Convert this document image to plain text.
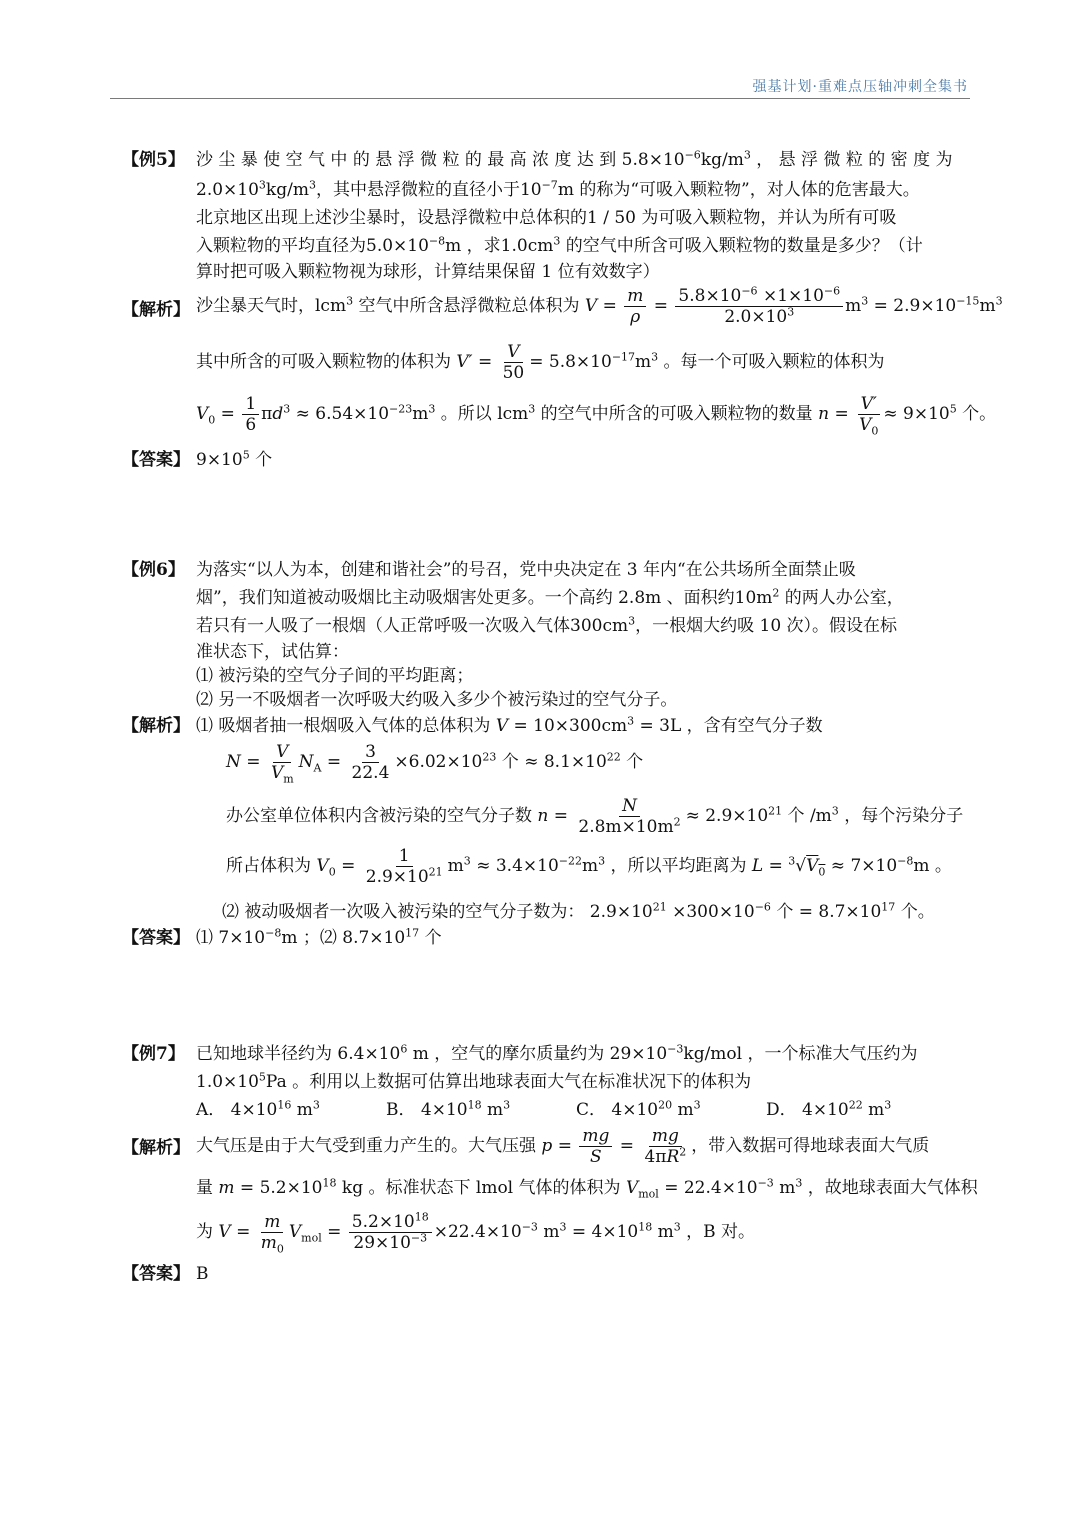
强基计划·重难点压轴冲刺全集书
【例5】 沙 尘 暴 使 空 气 中 的 悬 浮 微 粒 的 最 高 浓 度 达 到 $5.8\times 10^{-6}kg/m^3$ ， 悬 浮 微 粒 的 密 度 为
$2.0\times 10^3kg/m^3$，其中悬浮微粒的直径小于$10^{-7}m$ 的称为“可吸入颗粒物”，对人体的危害最大。
北京地区出现上述沙尘暴时，设悬浮微粒中总体积的1 / 50 为可吸入颗粒物，并认为所有可吸
入颗粒物的平均直径为$5.0\times 10^{-8}m$ ，求$1.0cm^3$ 的空气中所含可吸入颗粒物的数量是多少？（计
算时把可吸入颗粒物视为球形，计算结果保留 1 位有效数字）
【解析】 沙尘暴天气时，lcm$^3$ 空气中所含悬浮微粒总体积为 $V = \frac{m}{\rho} = \frac{5.8\times 10^{-6} \times 1\times 10^{-6}}{2.0\times 10^3} m^3 = 2.9\times 10^{-15}m^3$
其中所含的可吸入颗粒物的体积为 $V' = \frac{V}{50} = 5.8\times 10^{-17}m^3$ 。每一个可吸入颗粒的体积为
$V_0 = \frac{1}{6} \pi d^3 \approx 6.54\times 10^{-23}m^3$ 。所以 lcm$^3$ 的空气中所含的可吸入颗粒物的数量 $n = \frac{V'}{V_0} \approx 9\times 10^5$ 个。
【答案】 $9\times 10^5$ 个
【例6】 为落实“以人为本，创建和谐社会”的号召，党中央决定在 3 年内“在公共场所全面禁止吸
烟”，我们知道被动吸烟比主动吸烟害处更多。一个高约 2.8m 、面积约$10m^2$ 的两人办公室，
若只有一人吸了一根烟（人正常呼吸一次吸入气体$300cm^3$，一根烟大约吸 10 次）。假设在标
准状态下，试估算：
⑴ 被污染的空气分子间的平均距离；
⑵ 另一不吸烟者一次呼吸大约吸入多少个被污染过的空气分子。
【解析】 ⑴ 吸烟者抽一根烟吸入气体的总体积为 $V = 10\times 300cm^3 = 3L$ ，含有空气分子数
$N = \frac{V}{V_m} N_A = \frac{3}{22.4} \times 6.02\times 10^{23}$ 个 ≈ $8.1\times 10^{22}$ 个
办公室单位体积内含被污染的空气分子数 $n = \frac{N}{2.8m\times 10m^2} \approx 2.9\times 10^{21}$ 个 $/m^3$ ，每个污染分子
所占体积为 $V_0 = \frac{1}{2.9\times 10^{21}} m^3 \approx 3.4\times 10^{-22}m^3$ ，所以平均距离为 $L = ^3√V_0 \approx 7\times 10^{-8}m$ 。
⑵ 被动吸烟者一次吸入被污染的空气分子数为： $2.9\times 10^{21} \times 300\times 10^{-6}$ 个 = $8.7\times 10^{17}$ 个。
【答案】 ⑴ $7\times 10^{-8}m$ ；⑵ $8.7\times 10^{17}$ 个
【例7】 已知地球半径约为 $6.4\times 10^6$ m ，空气的摩尔质量约为 $29\times 10^{-3}kg$/mol ，一个标准大气压约为
$1.0\times 10^5Pa$ 。利用以上数据可估算出地球表面大气在标准状况下的体积为
A． $4\times 10^{16}$ $m^3$	B． $4\times 10^{18}$ $m^3$	C． $4\times 10^{20}$ $m^3$	D． $4\times 10^{22}$ $m^3$
【解析】 大气压是由于大气受到重力产生的。大气压强 $p = \frac{mg}{S} = \frac{mg}{4\pi R^2}$ ，带入数据可得地球表面大气质
量 $m = 5.2\times 10^{18}$ kg 。标准状态下 lmol 气体的体积为 $V_{mol} = 22.4\times 10^{-3}$ $m^3$ ，故地球表面大气体积
为 $V = \frac{m}{m_0} V_{mol} = \frac{5.2\times 10^{18}}{29\times 10^{-3}} \times 22.4\times 10^{-3}$ $m^3 = 4\times 10^{18}$ $m^3$ ，B 对。
【答案】 B
